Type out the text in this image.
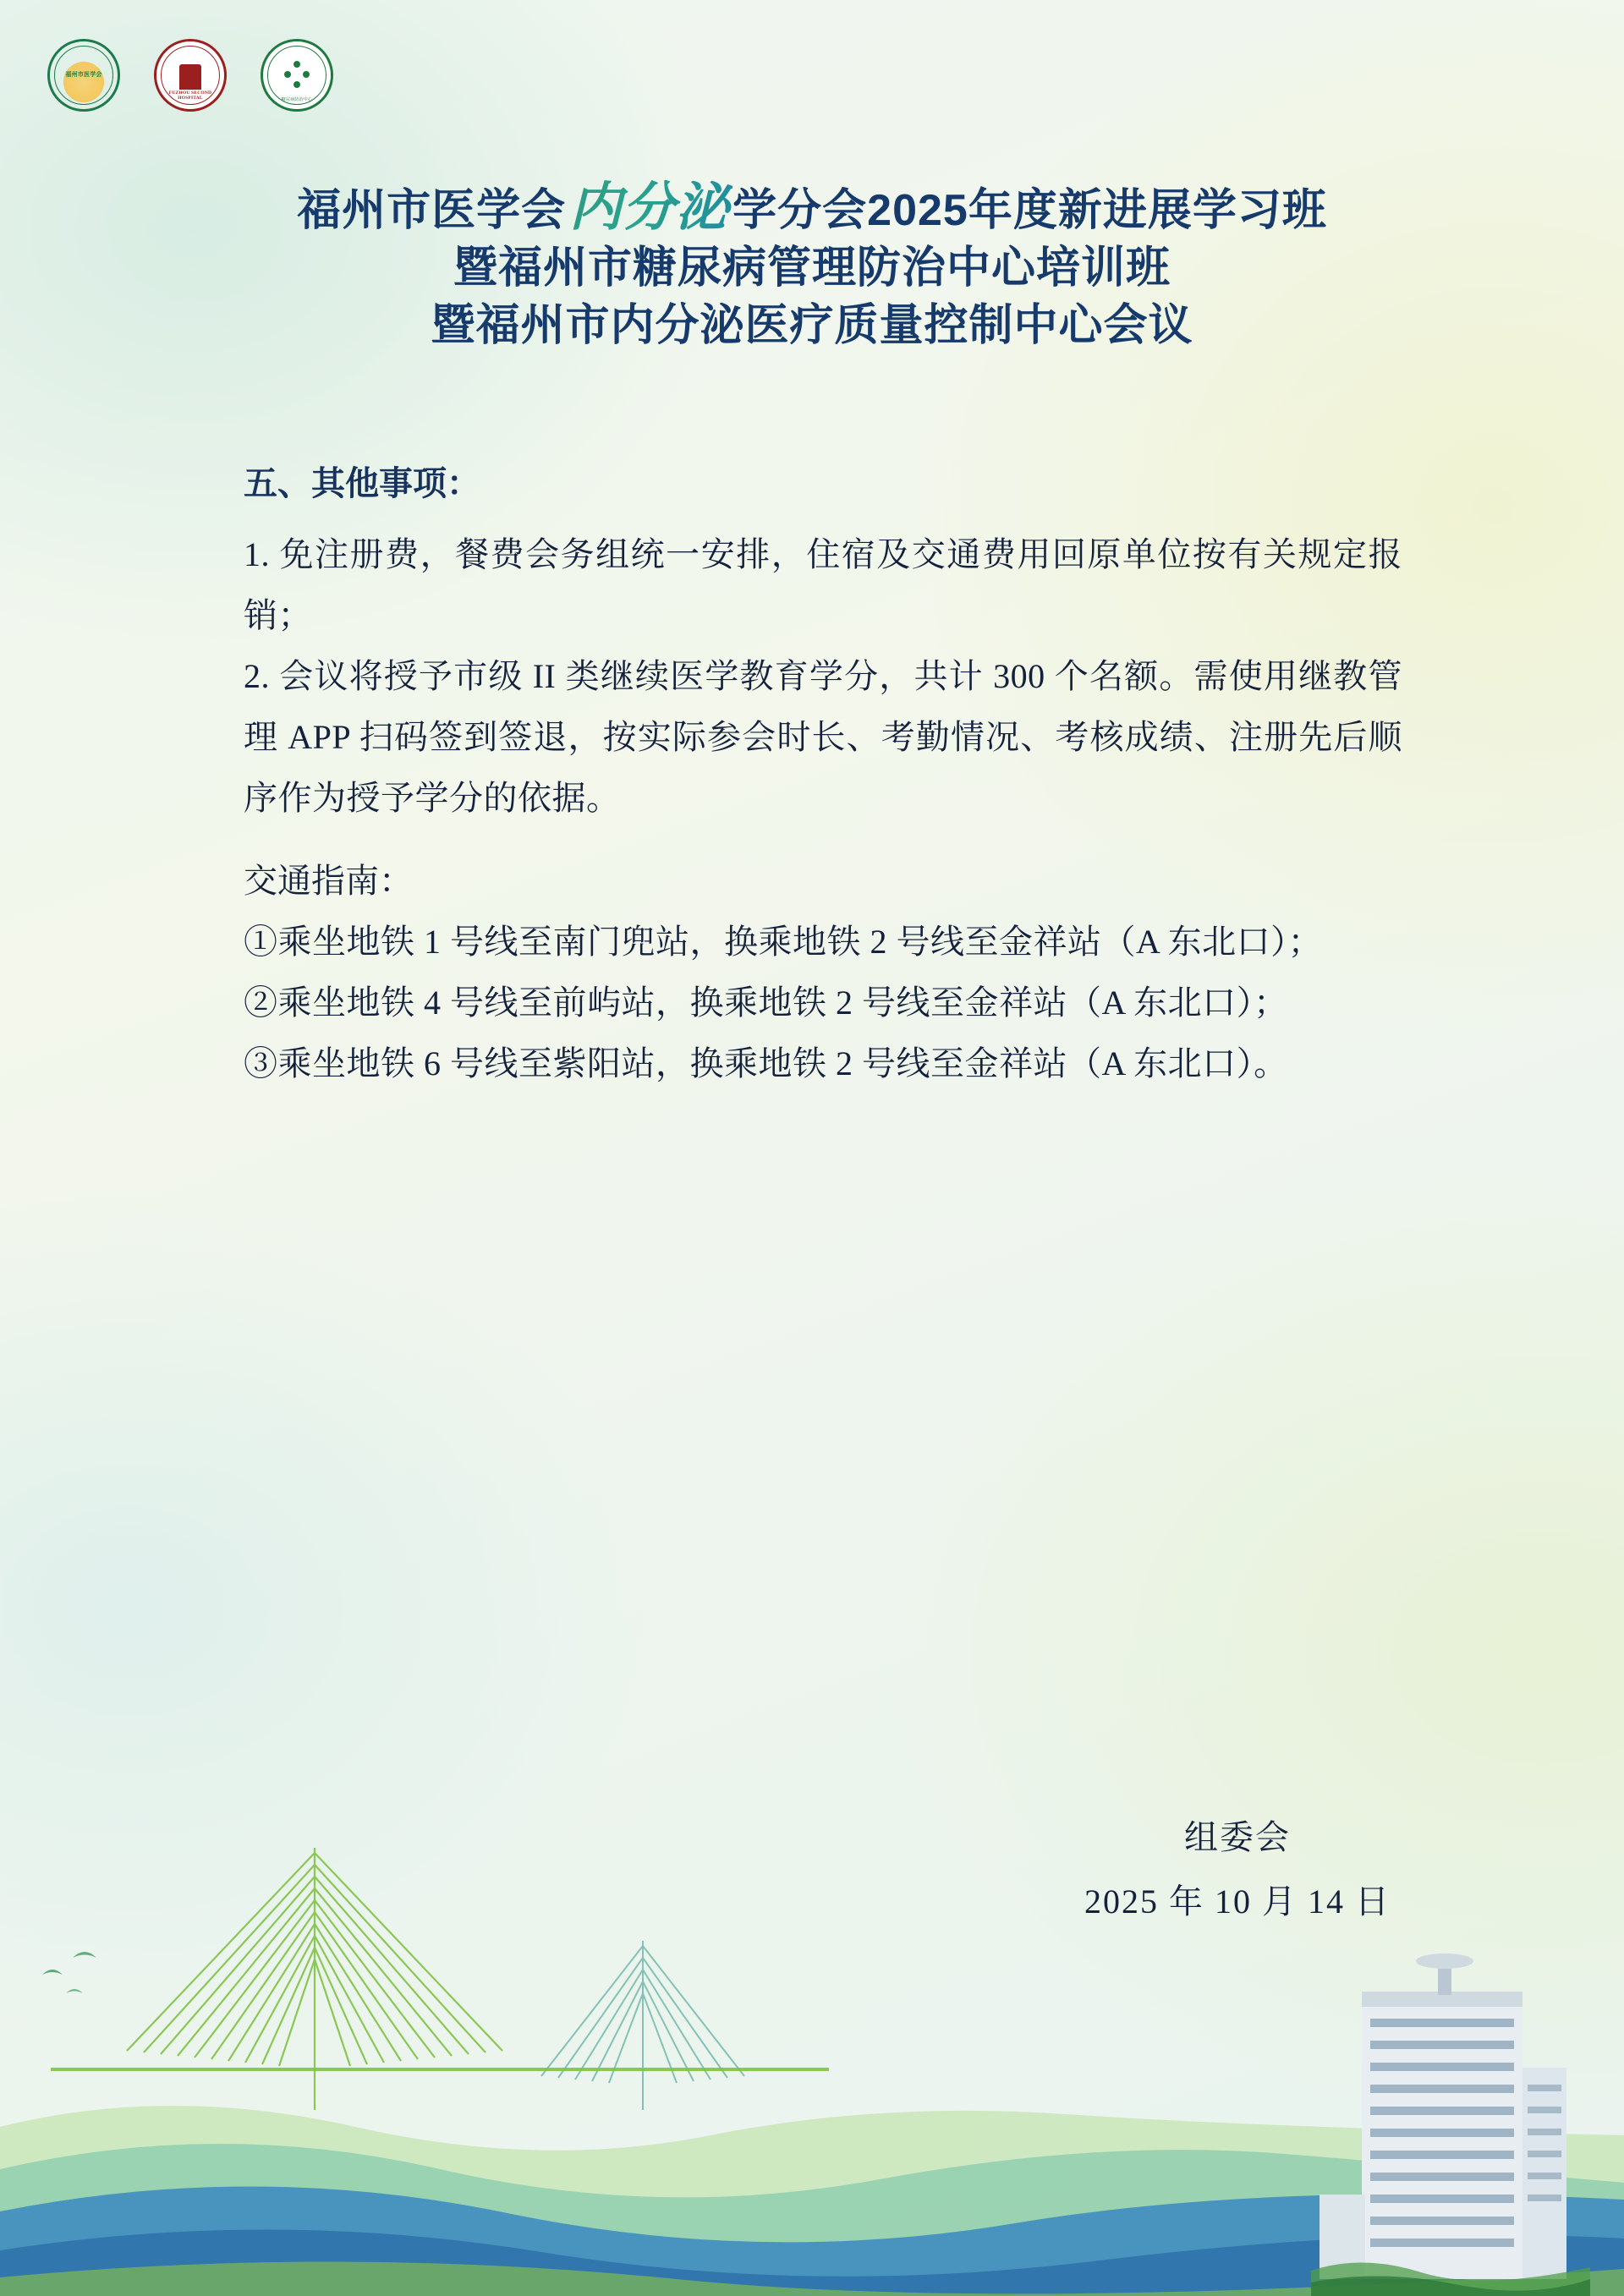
福州市医学会
FUZHOU SECOND HOSPITAL	糖尿病防治中心
福州市医学会内分泌学分会2025年度新进展学习班
暨福州市糖尿病管理防治中心培训班
暨福州市内分泌医疗质量控制中心会议
五、其他事项：
1. 免注册费，餐费会务组统一安排，住宿及交通费用回原单位按有关规定报销；
2. 会议将授予市级 II 类继续医学教育学分，共计 300 个名额。需使用继教管理 APP 扫码签到签退，按实际参会时长、考勤情况、考核成绩、注册先后顺序作为授予学分的依据。
交通指南：
①乘坐地铁 1 号线至南门兜站，换乘地铁 2 号线至金祥站（A 东北口）；
②乘坐地铁 4 号线至前屿站，换乘地铁 2 号线至金祥站（A 东北口）；
③乘坐地铁 6 号线至紫阳站，换乘地铁 2 号线至金祥站（A 东北口）。
组委会
2025 年 10 月 14 日
